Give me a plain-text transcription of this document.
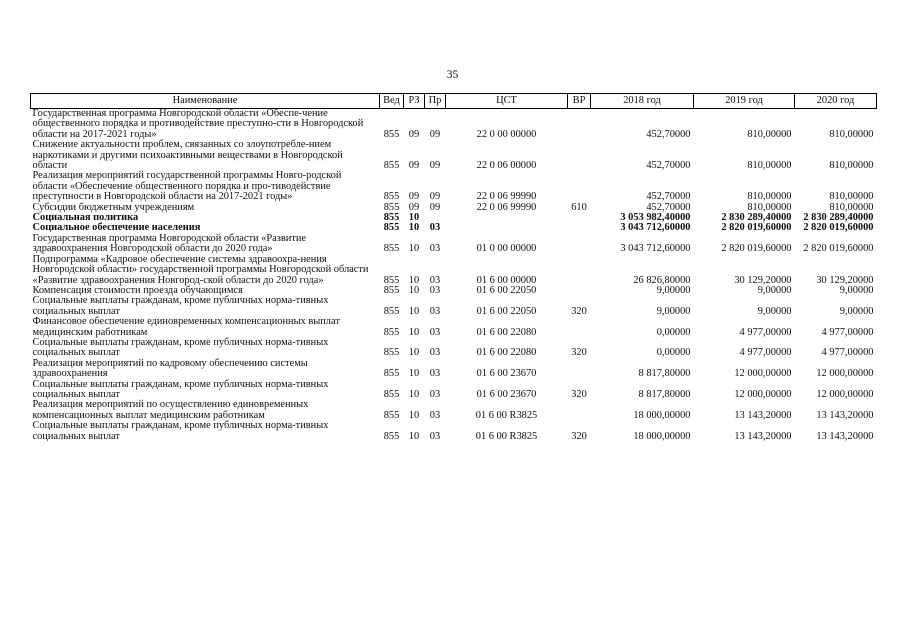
35
Наименование	Вед	РЗ	Пр	ЦСТ	ВР	2018 год	2019 год	2020 год
Государственная программа Новгородской области «Обеспе-чение общественного порядка и противодействие преступно-сти в Новгородской области на 2017-2021 годы»	855	09	09	22 0 00 00000		452,70000	810,00000	810,00000
Снижение актуальности проблем, связанных со злоупотребле-нием наркотиками и другими психоактивными веществами в Новгородской области	855	09	09	22 0 06 00000		452,70000	810,00000	810,00000
Реализация мероприятий государственной программы Новго-родской области «Обеспечение общественного порядка и про-тиводействие преступности в Новгородской области на 2017-2021 годы»	855	09	09	22 0 06 99990		452,70000	810,00000	810,00000
Субсидии бюджетным учреждениям	855	09	09	22 0 06 99990	610	452,70000	810,00000	810,00000
Социальная политика	855	10				3 053 982,40000	2 830 289,40000	2 830 289,40000
Социальное обеспечение населения	855	10	03			3 043 712,60000	2 820 019,60000	2 820 019,60000
Государственная программа Новгородской области «Развитие здравоохранения Новгородской области до 2020 года»	855	10	03	01 0 00 00000		3 043 712,60000	2 820 019,60000	2 820 019,60000
Подпрограмма «Кадровое обеспечение системы здравоохра-нения Новгородской области» государственной программы Новгородской области «Развитие здравоохранения Новгород-ской области до 2020 года»	855	10	03	01 6 00 00000		26 826,80000	30 129,20000	30 129,20000
Компенсация стоимости проезда обучающимся	855	10	03	01 6 00 22050		9,00000	9,00000	9,00000
Социальные выплаты гражданам, кроме публичных норма-тивных социальных выплат	855	10	03	01 6 00 22050	320	9,00000	9,00000	9,00000
Финансовое обеспечение единовременных компенсационных выплат медицинским работникам	855	10	03	01 6 00 22080		0,00000	4 977,00000	4 977,00000
Социальные выплаты гражданам, кроме публичных норма-тивных социальных выплат	855	10	03	01 6 00 22080	320	0,00000	4 977,00000	4 977,00000
Реализация мероприятий по кадровому обеспечению системы здравоохранения	855	10	03	01 6 00 23670		8 817,80000	12 000,00000	12 000,00000
Социальные выплаты гражданам, кроме публичных норма-тивных социальных выплат	855	10	03	01 6 00 23670	320	8 817,80000	12 000,00000	12 000,00000
Реализация мероприятий по осуществлению единовременных компенсационных выплат медицинским работникам	855	10	03	01 6 00 R3825		18 000,00000	13 143,20000	13 143,20000
Социальные выплаты гражданам, кроме публичных норма-тивных социальных выплат	855	10	03	01 6 00 R3825	320	18 000,00000	13 143,20000	13 143,20000
